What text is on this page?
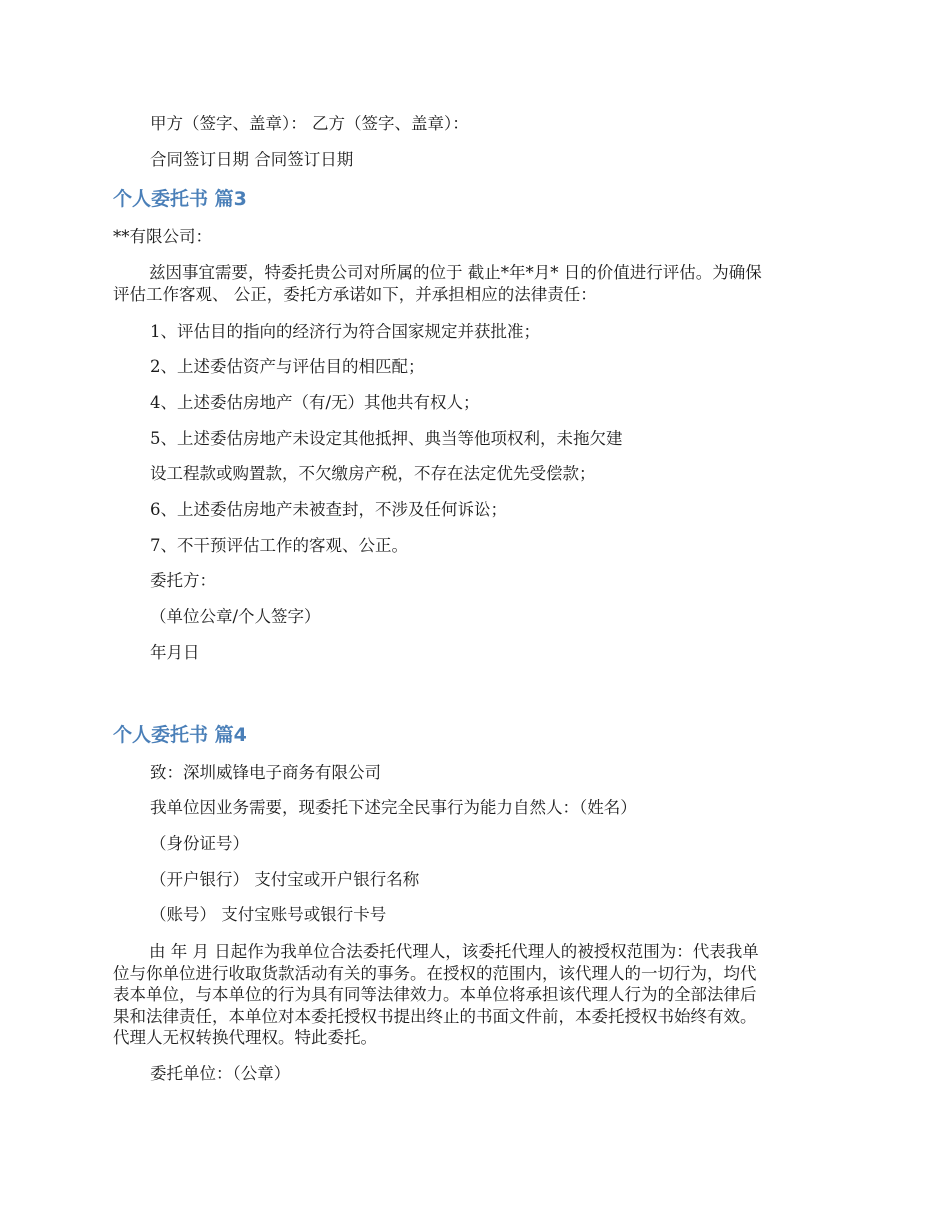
甲方（签字、盖章）： 乙方（签字、盖章）：
合同签订日期 合同签订日期
个人委托书 篇3
**有限公司：
兹因事宜需要，特委托贵公司对所属的位于 截止*年*月* 日的价值进行评估。为确保
评估工作客观、 公正，委托方承诺如下，并承担相应的法律责任：
1、评估目的指向的经济行为符合国家规定并获批准；
2、上述委估资产与评估目的相匹配；
4、上述委估房地产（有/无）其他共有权人；
5、上述委估房地产未设定其他抵押、典当等他项权利，未拖欠建
设工程款或购置款，不欠缴房产税，不存在法定优先受偿款；
6、上述委估房地产未被查封，不涉及任何诉讼；
7、不干预评估工作的客观、公正。
委托方：
（单位公章/个人签字）
年月日
个人委托书 篇4
致：深圳威锋电子商务有限公司
我单位因业务需要，现委托下述完全民事行为能力自然人：（姓名）
（身份证号）
（开户银行） 支付宝或开户银行名称
（账号） 支付宝账号或银行卡号
由 年 月 日起作为我单位合法委托代理人，该委托代理人的被授权范围为：代表我单
位与你单位进行收取货款活动有关的事务。在授权的范围内，该代理人的一切行为，均代
表本单位，与本单位的行为具有同等法律效力。本单位将承担该代理人行为的全部法律后
果和法律责任，本单位对本委托授权书提出终止的书面文件前，本委托授权书始终有效。
代理人无权转换代理权。特此委托。
委托单位：（公章）
